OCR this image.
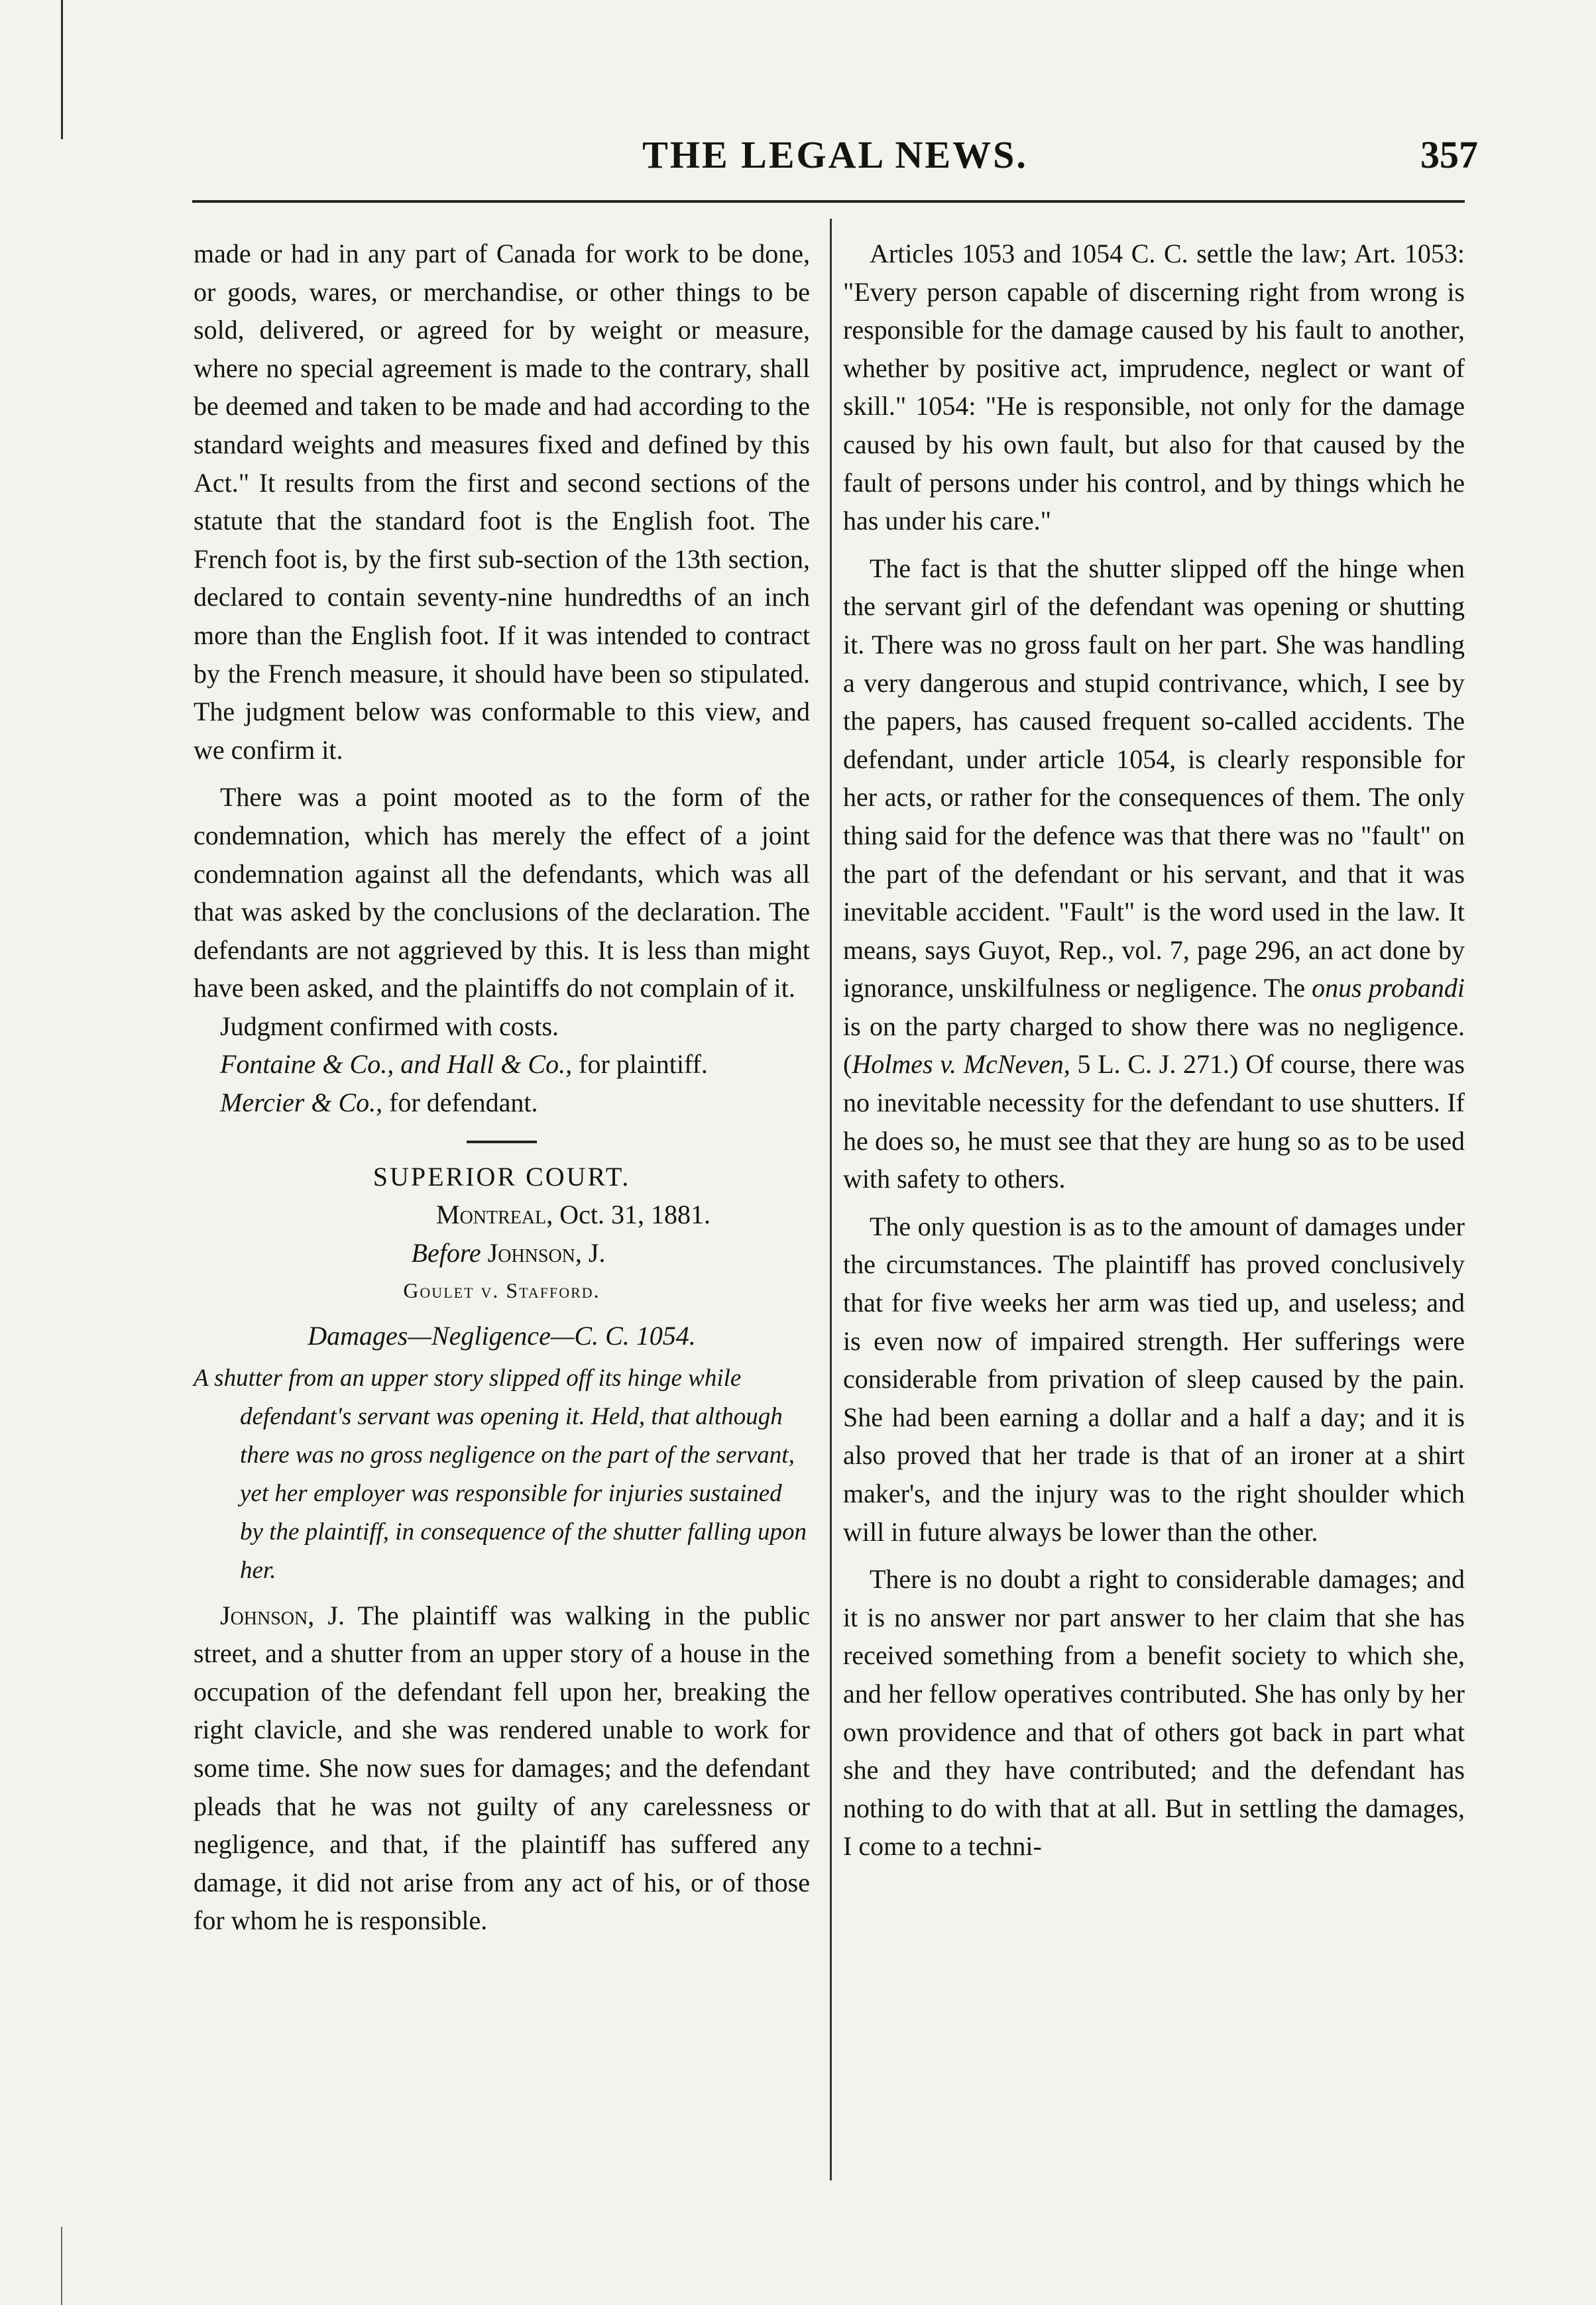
THE LEGAL NEWS.	357

made or had in any part of Canada for work to be done, or goods, wares, or merchandise, or other things to be sold, delivered, or agreed for by weight or measure, where no special agreement is made to the contrary, shall be deemed and taken to be made and had according to the standard weights and measures fixed and defined by this Act." It results from the first and second sections of the statute that the standard foot is the English foot. The French foot is, by the first sub-section of the 13th section, declared to contain seventy-nine hundredths of an inch more than the English foot. If it was intended to contract by the French measure, it should have been so stipulated. The judgment below was conformable to this view, and we confirm it.

There was a point mooted as to the form of the condemnation, which has merely the effect of a joint condemnation against all the defendants, which was all that was asked by the conclusions of the declaration. The defendants are not aggrieved by this. It is less than might have been asked, and the plaintiffs do not complain of it.

Judgment confirmed with costs.

Fontaine & Co., and Hall & Co., for plaintiff.

Mercier & Co., for defendant.

SUPERIOR COURT.

Montreal, Oct. 31, 1881.

Before Johnson, J.

Goulet v. Stafford.

Damages—Negligence—C. C. 1054.

A shutter from an upper story slipped off its hinge while defendant's servant was opening it. Held, that although there was no gross negligence on the part of the servant, yet her employer was responsible for injuries sustained by the plaintiff, in consequence of the shutter falling upon her.

Johnson, J. The plaintiff was walking in the public street, and a shutter from an upper story of a house in the occupation of the defendant fell upon her, breaking the right clavicle, and she was rendered unable to work for some time. She now sues for damages; and the defendant pleads that he was not guilty of any carelessness or negligence, and that, if the plaintiff has suffered any damage, it did not arise from any act of his, or of those for whom he is responsible.

Articles 1053 and 1054 C. C. settle the law; Art. 1053: "Every person capable of discerning right from wrong is responsible for the damage caused by his fault to another, whether by positive act, imprudence, neglect or want of skill." 1054: "He is responsible, not only for the damage caused by his own fault, but also for that caused by the fault of persons under his control, and by things which he has under his care."

The fact is that the shutter slipped off the hinge when the servant girl of the defendant was opening or shutting it. There was no gross fault on her part. She was handling a very dangerous and stupid contrivance, which, I see by the papers, has caused frequent so-called accidents. The defendant, under article 1054, is clearly responsible for her acts, or rather for the consequences of them. The only thing said for the defence was that there was no "fault" on the part of the defendant or his servant, and that it was inevitable accident. "Fault" is the word used in the law. It means, says Guyot, Rep., vol. 7, page 296, an act done by ignorance, unskilfulness or negligence. The onus probandi is on the party charged to show there was no negligence. (Holmes v. McNeven, 5 L. C. J. 271.) Of course, there was no inevitable necessity for the defendant to use shutters. If he does so, he must see that they are hung so as to be used with safety to others.

The only question is as to the amount of damages under the circumstances. The plaintiff has proved conclusively that for five weeks her arm was tied up, and useless; and is even now of impaired strength. Her sufferings were considerable from privation of sleep caused by the pain. She had been earning a dollar and a half a day; and it is also proved that her trade is that of an ironer at a shirt maker's, and the injury was to the right shoulder which will in future always be lower than the other.

There is no doubt a right to considerable damages; and it is no answer nor part answer to her claim that she has received something from a benefit society to which she, and her fellow operatives contributed. She has only by her own providence and that of others got back in part what she and they have contributed; and the defendant has nothing to do with that at all. But in settling the damages, I come to a techni-
